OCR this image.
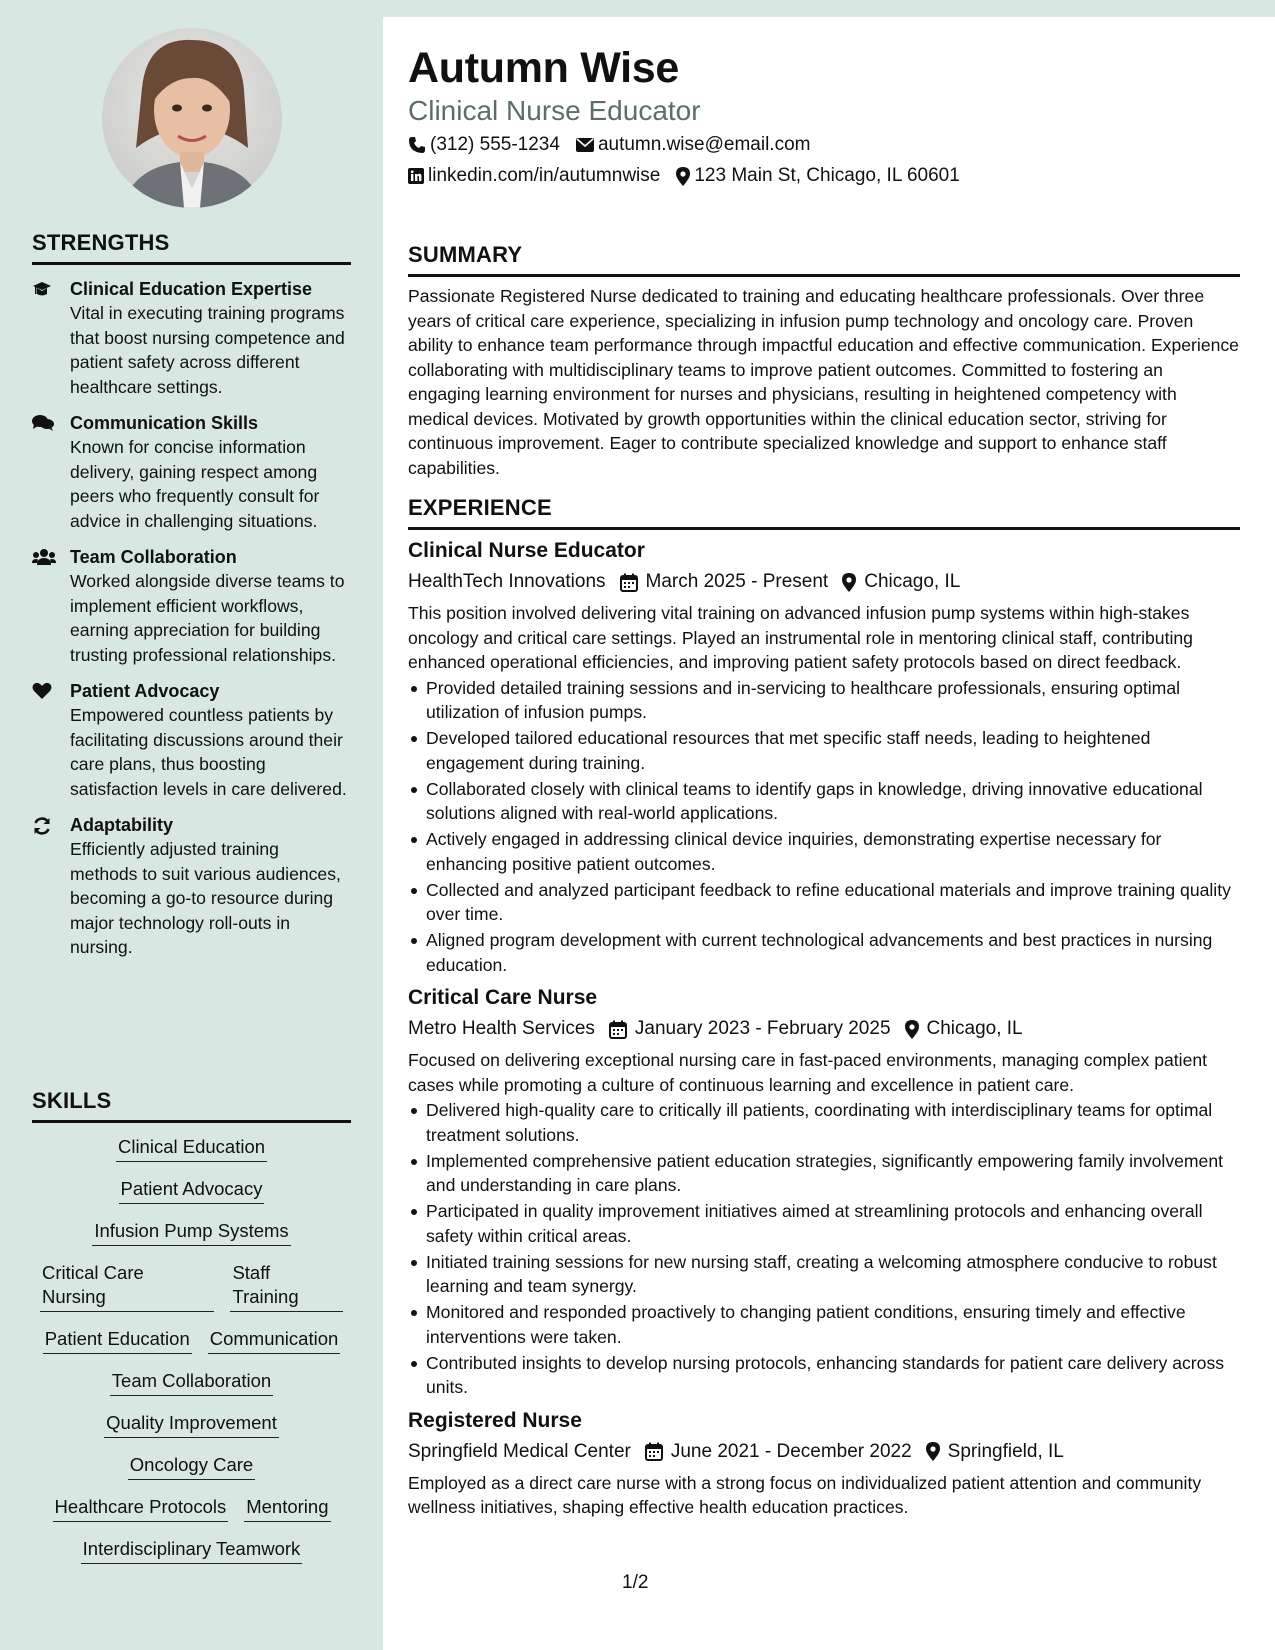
STRENGTHS
Clinical Education Expertise
Vital in executing training programs that boost nursing competence and patient safety across different healthcare settings.
Communication Skills
Known for concise information delivery, gaining respect among peers who frequently consult for advice in challenging situations.
Team Collaboration
Worked alongside diverse teams to implement efficient workflows, earning appreciation for building trusting professional relationships.
Patient Advocacy
Empowered countless patients by facilitating discussions around their care plans, thus boosting satisfaction levels in care delivered.
Adaptability
Efficiently adjusted training methods to suit various audiences, becoming a go-to resource during major technology roll-outs in nursing.
SKILLS
Clinical Education
Patient Advocacy
Infusion Pump Systems
Critical Care Nursing
Staff Training
Patient Education Communication
Team Collaboration
Quality Improvement
Oncology Care
Healthcare Protocols Mentoring
Interdisciplinary Teamwork
Autumn Wise
Clinical Nurse Educator
(312) 555-1234 autumn.wise@email.com
linkedin.com/in/autumnwise 123 Main St, Chicago, IL 60601
SUMMARY
Passionate Registered Nurse dedicated to training and educating healthcare professionals. Over three years of critical care experience, specializing in infusion pump technology and oncology care. Proven ability to enhance team performance through impactful education and effective communication. Experience collaborating with multidisciplinary teams to improve patient outcomes. Committed to fostering an engaging learning environment for nurses and physicians, resulting in heightened competency with medical devices. Motivated by growth opportunities within the clinical education sector, striving for continuous improvement. Eager to contribute specialized knowledge and support to enhance staff capabilities.
EXPERIENCE
Clinical Nurse Educator
HealthTech Innovations March 2025 - Present Chicago, IL
This position involved delivering vital training on advanced infusion pump systems within high-stakes oncology and critical care settings. Played an instrumental role in mentoring clinical staff, contributing enhanced operational efficiencies, and improving patient safety protocols based on direct feedback.
Provided detailed training sessions and in-servicing to healthcare professionals, ensuring optimal utilization of infusion pumps.
Developed tailored educational resources that met specific staff needs, leading to heightened engagement during training.
Collaborated closely with clinical teams to identify gaps in knowledge, driving innovative educational solutions aligned with real-world applications.
Actively engaged in addressing clinical device inquiries, demonstrating expertise necessary for enhancing positive patient outcomes.
Collected and analyzed participant feedback to refine educational materials and improve training quality over time.
Aligned program development with current technological advancements and best practices in nursing education.
Critical Care Nurse
Metro Health Services January 2023 - February 2025 Chicago, IL
Focused on delivering exceptional nursing care in fast-paced environments, managing complex patient cases while promoting a culture of continuous learning and excellence in patient care.
Delivered high-quality care to critically ill patients, coordinating with interdisciplinary teams for optimal treatment solutions.
Implemented comprehensive patient education strategies, significantly empowering family involvement and understanding in care plans.
Participated in quality improvement initiatives aimed at streamlining protocols and enhancing overall safety within critical areas.
Initiated training sessions for new nursing staff, creating a welcoming atmosphere conducive to robust learning and team synergy.
Monitored and responded proactively to changing patient conditions, ensuring timely and effective interventions were taken.
Contributed insights to develop nursing protocols, enhancing standards for patient care delivery across units.
Registered Nurse
Springfield Medical Center June 2021 - December 2022 Springfield, IL
Employed as a direct care nurse with a strong focus on individualized patient attention and community wellness initiatives, shaping effective health education practices.
1/2
